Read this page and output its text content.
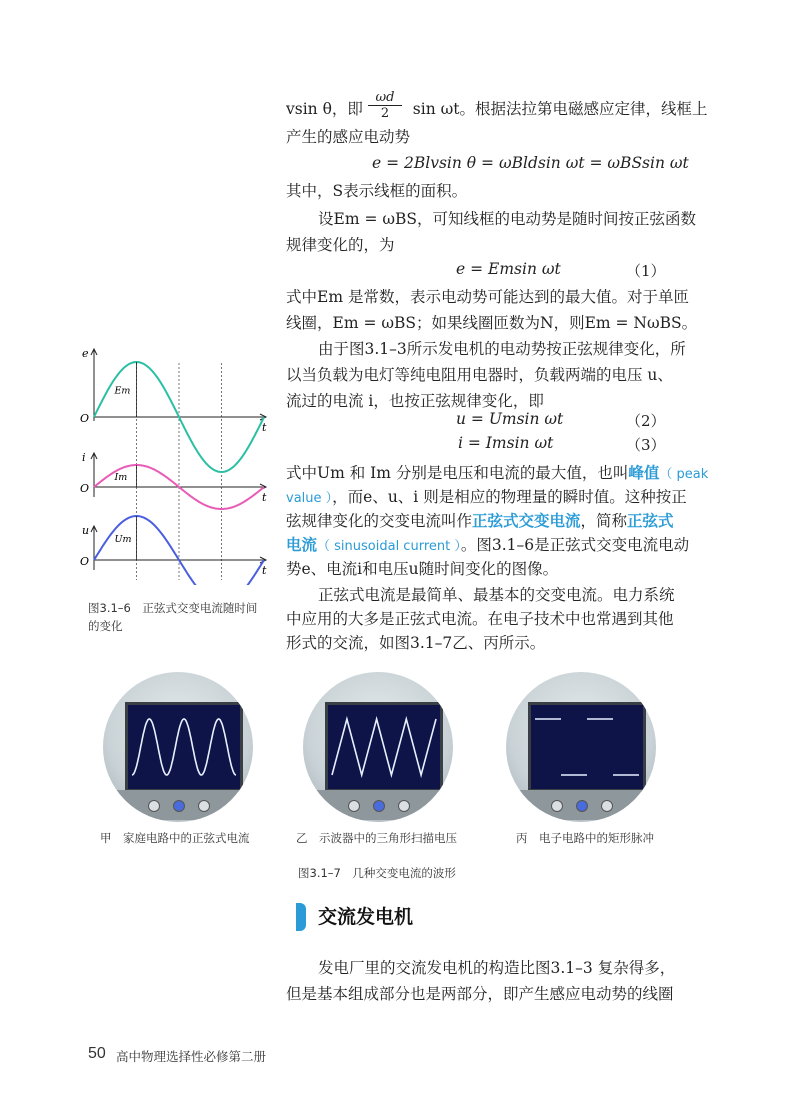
vsin θ，即	sin ωt。根据法拉第电磁感应定律，线框上
$\frac{\omega d}{2}$
产生的感应电动势
e = 2Blvsin θ = ωBldsin ωt = ωBSsin ωt
其中，S表示线框的面积。
设Em = ωBS，可知线框的电动势是随时间按正弦函数
规律变化的，为
e = Emsin ωt	（1）
式中Em 是常数，表示电动势可能达到的最大值。对于单匝
线圈，Em = ωBS；如果线圈匝数为N，则Em = NωBS。
由于图3.1–3所示发电机的电动势按正弦规律变化，所
以当负载为电灯等纯电阻用电器时，负载两端的电压 u、
流过的电流 i，也按正弦规律变化，即
u = Umsin ωt	（2）
i = Imsin ωt	（3）
式中Um 和 Im 分别是电压和电流的最大值，也叫峰值（ peak
value ），而e、u、i 则是相应的物理量的瞬时值。这种按正
弦规律变化的交变电流叫作正弦式交变电流，简称正弦式
电流（ sinusoidal current ）。图3.1–6是正弦式交变电流电动
势e、电流i和电压u随时间变化的图像。
正弦式电流是最简单、最基本的交变电流。电力系统
中应用的大多是正弦式电流。在电子技术中也常遇到其他
形式的交流，如图3.1–7乙、丙所示。
e
O
t
Em
i
O
t
Im
u
O
t
Um
图3.1–6　正弦式交变电流随时间
的变化
甲　家庭电路中的正弦式电流	乙　示波器中的三角形扫描电压	丙　电子电路中的矩形脉冲
图3.1–7　几种交变电流的波形
交流发电机
发电厂里的交流发电机的构造比图3.1–3 复杂得多，
但是基本组成部分也是两部分，即产生感应电动势的线圈
50 高中物理选择性必修第二册
